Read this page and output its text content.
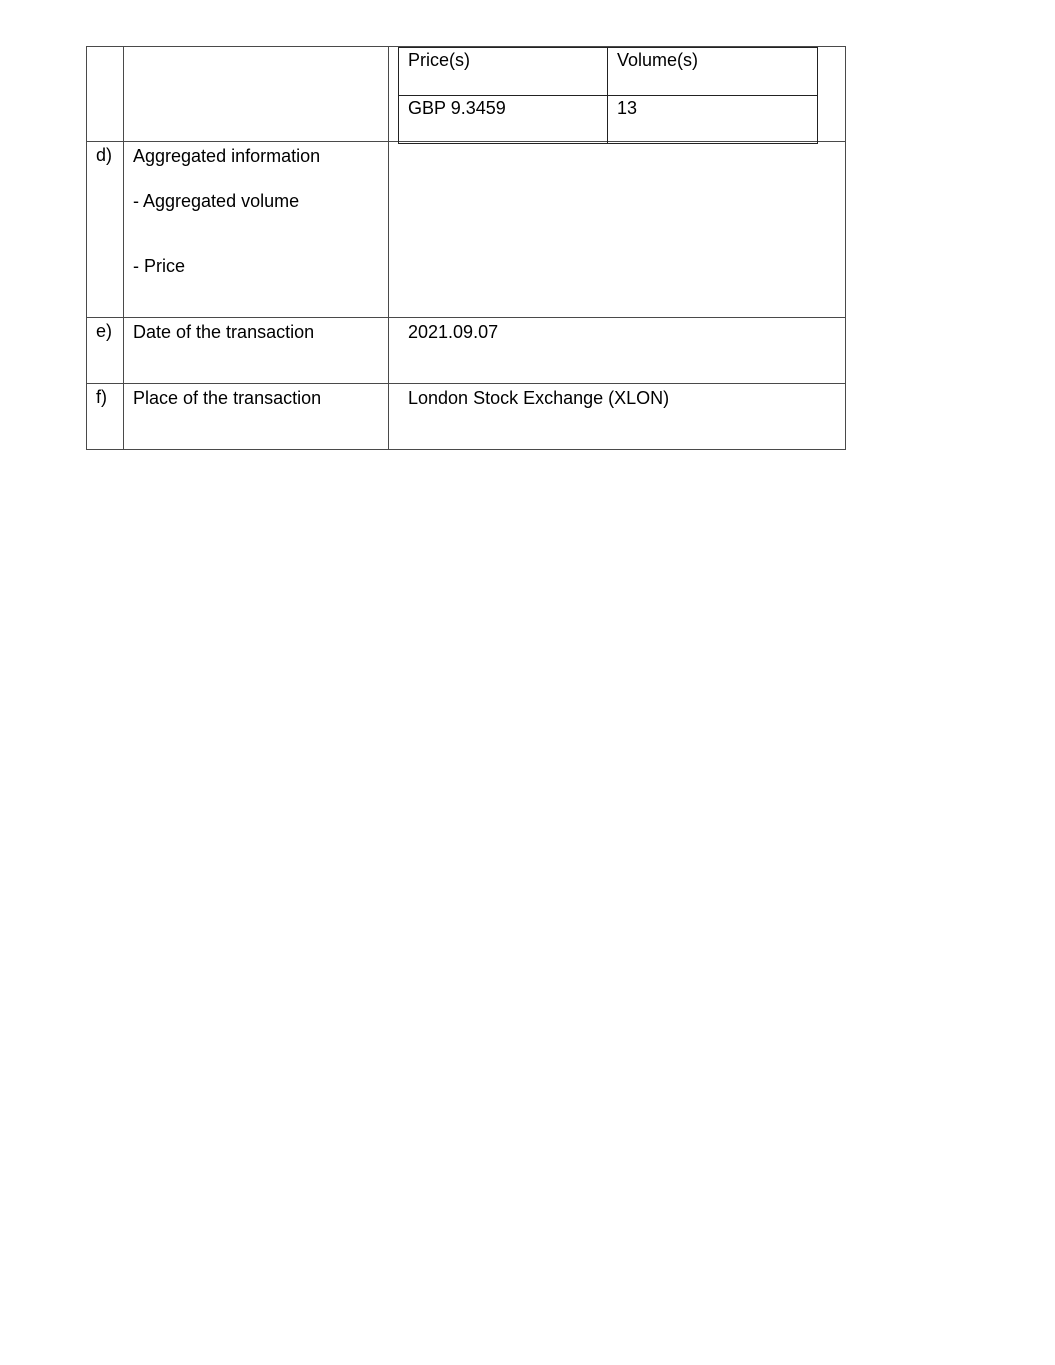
Price(s)	Volume(s)
GBP 9.3459	13

d)	Aggregated information
- Aggregated volume
- Price

e)	Date of the transaction	2021.09.07
f)	Place of the transaction	London Stock Exchange (XLON)
